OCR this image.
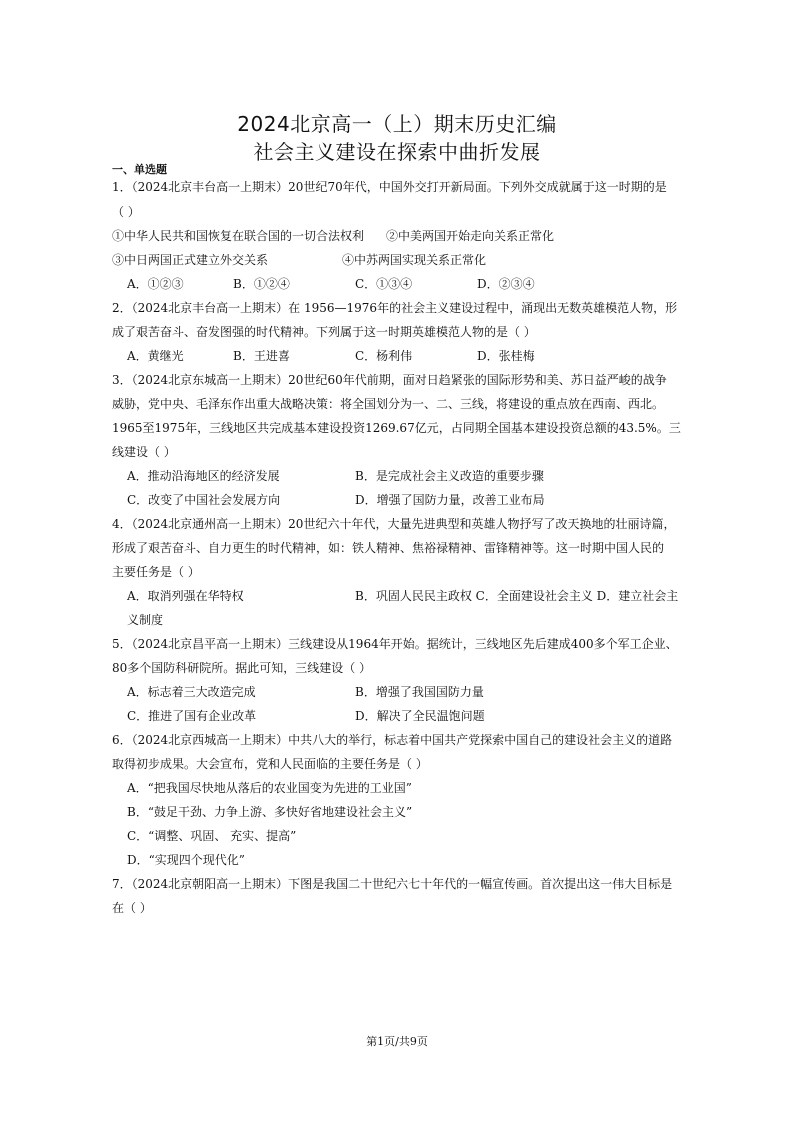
2024北京高一（上）期末历史汇编
社会主义建设在探索中曲折发展
一、单选题
1．（2024北京丰台高一上期末）20世纪70年代，中国外交打开新局面。下列外交成就属于这一时期的是
（ ）
①中华人民共和国恢复在联合国的一切合法权利 ②中美两国开始走向关系正常化
③中日两国正式建立外交关系	④中苏两国实现关系正常化
A．①②③	B．①②④	C．①③④	D．②③④
2．（2024北京丰台高一上期末）在 1956—1976年的社会主义建设过程中，涌现出无数英雄模范人物，形
成了艰苦奋斗、奋发图强的时代精神。下列属于这一时期英雄模范人物的是（ ）
A．黄继光	B．王进喜	C．杨利伟	D．张桂梅
3．（2024北京东城高一上期末）20世纪60年代前期，面对日趋紧张的国际形势和美、苏日益严峻的战争
威胁，党中央、毛泽东作出重大战略决策：将全国划分为一、二、三线，将建设的重点放在西南、西北。
1965至1975年，三线地区共完成基本建设投资1269.67亿元，占同期全国基本建设投资总额的43.5%。三
线建设（ ）
A．推动沿海地区的经济发展	B．是完成社会主义改造的重要步骤
C．改变了中国社会发展方向	D．增强了国防力量，改善工业布局
4．（2024北京通州高一上期末）20世纪六十年代，大量先进典型和英雄人物抒写了改天换地的壮丽诗篇，
形成了艰苦奋斗、自力更生的时代精神，如：铁人精神、焦裕禄精神、雷锋精神等。这一时期中国人民的
主要任务是（ ）
A．取消列强在华特权	B．巩固人民民主政权 C．全面建设社会主义 D．建立社会主
义制度
5．（2024北京昌平高一上期末）三线建设从1964年开始。据统计，三线地区先后建成400多个军工企业、
80多个国防科研院所。据此可知，三线建设（ ）
A．标志着三大改造完成	B．增强了我国国防力量
C．推进了国有企业改革	D．解决了全民温饱问题
6．（2024北京西城高一上期末）中共八大的举行，标志着中国共产党探索中国自己的建设社会主义的道路
取得初步成果。大会宣布，党和人民面临的主要任务是（ ）
A．“把我国尽快地从落后的农业国变为先进的工业国”
B．“鼓足干劲、力争上游、多快好省地建设社会主义”
C．“调整、巩固、 充实、提高”
D．“实现四个现代化”
7．（2024北京朝阳高一上期末）下图是我国二十世纪六七十年代的一幅宣传画。首次提出这一伟大目标是
在（ ）
第1页/共9页
